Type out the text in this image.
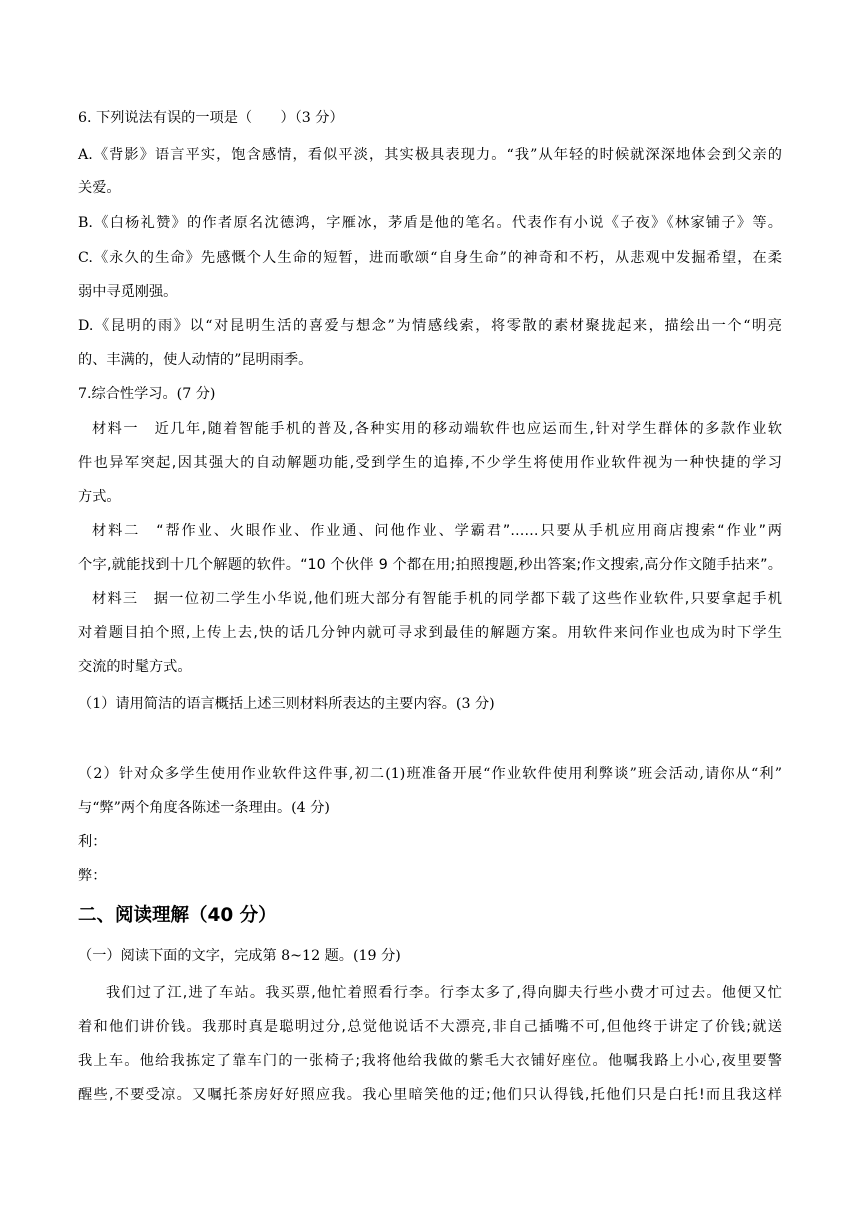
6. 下列说法有误的一项是（　　）（3 分）
A.《背影》语言平实，饱含感情，看似平淡，其实极具表现力。“我”从年轻的时候就深深地体会到父亲的
关爱。
B.《白杨礼赞》的作者原名沈德鸿，字雁冰，茅盾是他的笔名。代表作有小说《子夜》《林家铺子》等。
C.《永久的生命》先感慨个人生命的短暂，进而歌颂“自身生命”的神奇和不朽，从悲观中发掘希望，在柔
弱中寻觅刚强。
D.《昆明的雨》以“对昆明生活的喜爱与想念”为情感线索，将零散的素材聚拢起来，描绘出一个“明亮
的、丰满的，使人动情的”昆明雨季。
7.综合性学习。(7 分)
材料一　近几年,随着智能手机的普及,各种实用的移动端软件也应运而生,针对学生群体的多款作业软
件也异军突起,因其强大的自动解题功能,受到学生的追捧,不少学生将使用作业软件视为一种快捷的学习
方式。
材料二　“帮作业、火眼作业、作业通、问他作业、学霸君”……只要从手机应用商店搜索“作业”两
个字,就能找到十几个解题的软件。“10 个伙伴 9 个都在用;拍照搜题,秒出答案;作文搜索,高分作文随手拈来”。
材料三　据一位初二学生小华说,他们班大部分有智能手机的同学都下载了这些作业软件,只要拿起手机
对着题目拍个照,上传上去,快的话几分钟内就可寻求到最佳的解题方案。用软件来问作业也成为时下学生
交流的时髦方式。
（1）请用简洁的语言概括上述三则材料所表达的主要内容。(3 分)
（2）针对众多学生使用作业软件这件事,初二(1)班准备开展“作业软件使用利弊谈”班会活动,请你从“利”
与“弊”两个角度各陈述一条理由。(4 分)
利：
弊：
二、阅读理解（40 分）
（一）阅读下面的文字，完成第 8~12 题。(19 分)
我们过了江,进了车站。我买票,他忙着照看行李。行李太多了,得向脚夫行些小费才可过去。他便又忙
着和他们讲价钱。我那时真是聪明过分,总觉他说话不大漂亮,非自己插嘴不可,但他终于讲定了价钱;就送
我上车。他给我拣定了靠车门的一张椅子;我将他给我做的紫毛大衣铺好座位。他嘱我路上小心,夜里要警
醒些,不要受凉。又嘱托茶房好好照应我。我心里暗笑他的迂;他们只认得钱,托他们只是白托!而且我这样
